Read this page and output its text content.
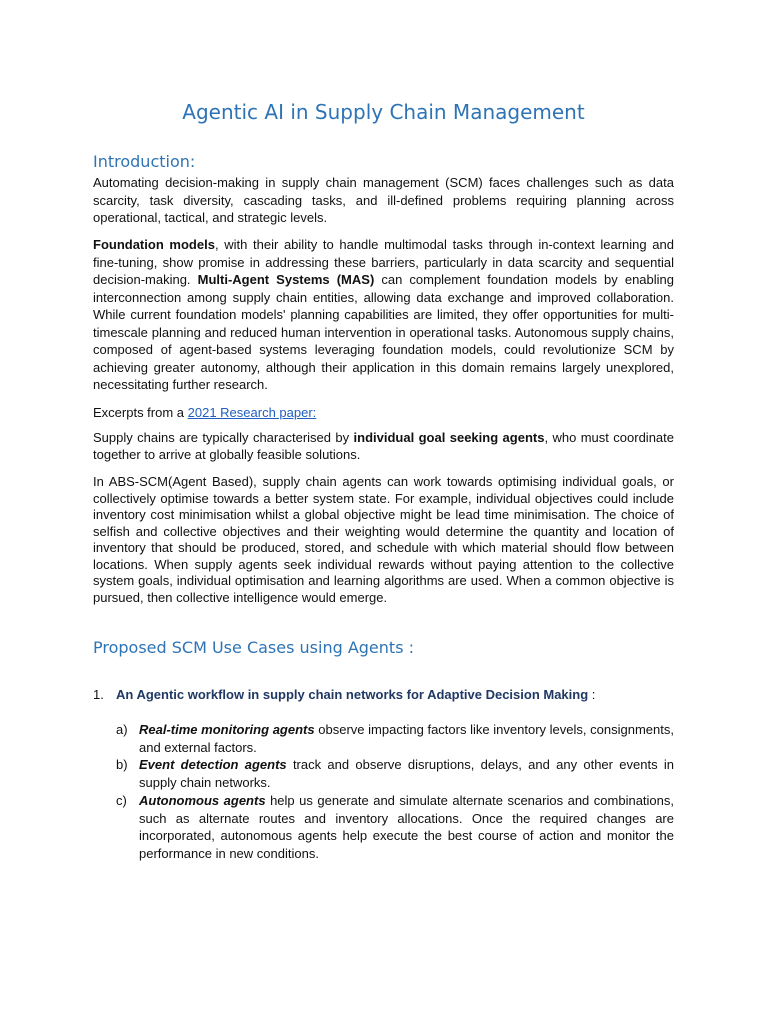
Agentic AI in Supply Chain Management
Introduction:

Automating decision-making in supply chain management (SCM) faces challenges such as data scarcity, task diversity, cascading tasks, and ill-defined problems requiring planning across operational, tactical, and strategic levels.

Foundation models, with their ability to handle multimodal tasks through in-context learning and fine-tuning, show promise in addressing these barriers, particularly in data scarcity and sequential decision-making. Multi-Agent Systems (MAS) can complement foundation models by enabling interconnection among supply chain entities, allowing data exchange and improved collaboration. While current foundation models' planning capabilities are limited, they offer opportunities for multi-timescale planning and reduced human intervention in operational tasks. Autonomous supply chains, composed of agent-based systems leveraging foundation models, could revolutionize SCM by achieving greater autonomy, although their application in this domain remains largely unexplored, necessitating further research.

Excerpts from a 2021 Research paper:

Supply chains are typically characterised by individual goal seeking agents, who must coordinate together to arrive at globally feasible solutions.

In ABS-SCM(Agent Based), supply chain agents can work towards optimising individual goals, or collectively optimise towards a better system state. For example, individual objectives could include inventory cost minimisation whilst a global objective might be lead time minimisation. The choice of selfish and collective objectives and their weighting would determine the quantity and location of inventory that should be produced, stored, and schedule with which material should flow between locations. When supply agents seek individual rewards without paying attention to the collective system goals, individual optimisation and learning algorithms are used. When a common objective is pursued, then collective intelligence would emerge.

Proposed SCM Use Cases using Agents :
1. An Agentic workflow in supply chain networks for Adaptive Decision Making :
a) Real-time monitoring agents observe impacting factors like inventory levels, consignments, and external factors.
b) Event detection agents track and observe disruptions, delays, and any other events in supply chain networks.
c) Autonomous agents help us generate and simulate alternate scenarios and combinations, such as alternate routes and inventory allocations. Once the required changes are incorporated, autonomous agents help execute the best course of action and monitor the performance in new conditions.
